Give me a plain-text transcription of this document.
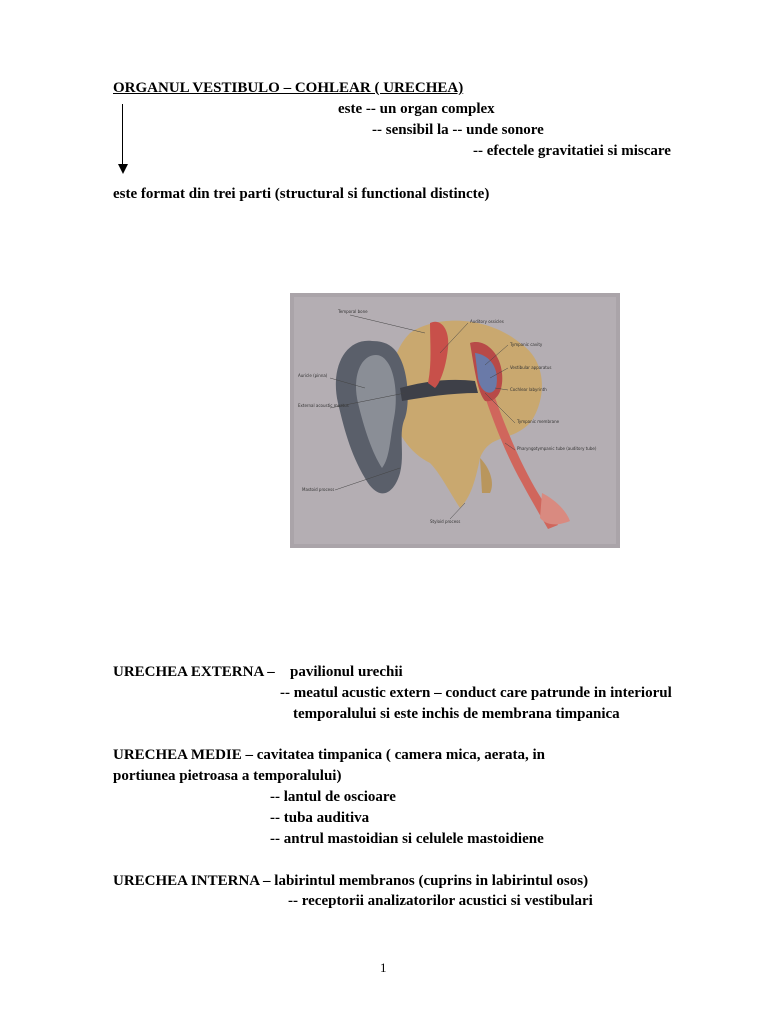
ORGANUL VESTIBULO – COHLEAR ( URECHEA)
este -- un organ complex
-- sensibil la -- unde sonore
-- efectele gravitatiei si miscare
este format din trei parti (structural si functional distincte)
Temporal bone
Auditory ossicles
Tympanic cavity
Vestibular apparatus
Cochlear labyrinth
Auricle (pinna)
External acoustic meatus
Tympanic membrane
Pharyngotympanic tube (auditory tube)
Mastoid process
Styloid process
URECHEA EXTERNA – pavilionul urechii
-- meatul acustic extern – conduct care patrunde in interiorul
temporalului si este inchis de membrana timpanica
URECHEA MEDIE – cavitatea timpanica ( camera mica, aerata, in
portiunea pietroasa a temporalului)
-- lantul de oscioare
-- tuba auditiva
-- antrul mastoidian si celulele mastoidiene
URECHEA INTERNA – labirintul membranos (cuprins in labirintul osos)
-- receptorii analizatorilor acustici si vestibulari
1
